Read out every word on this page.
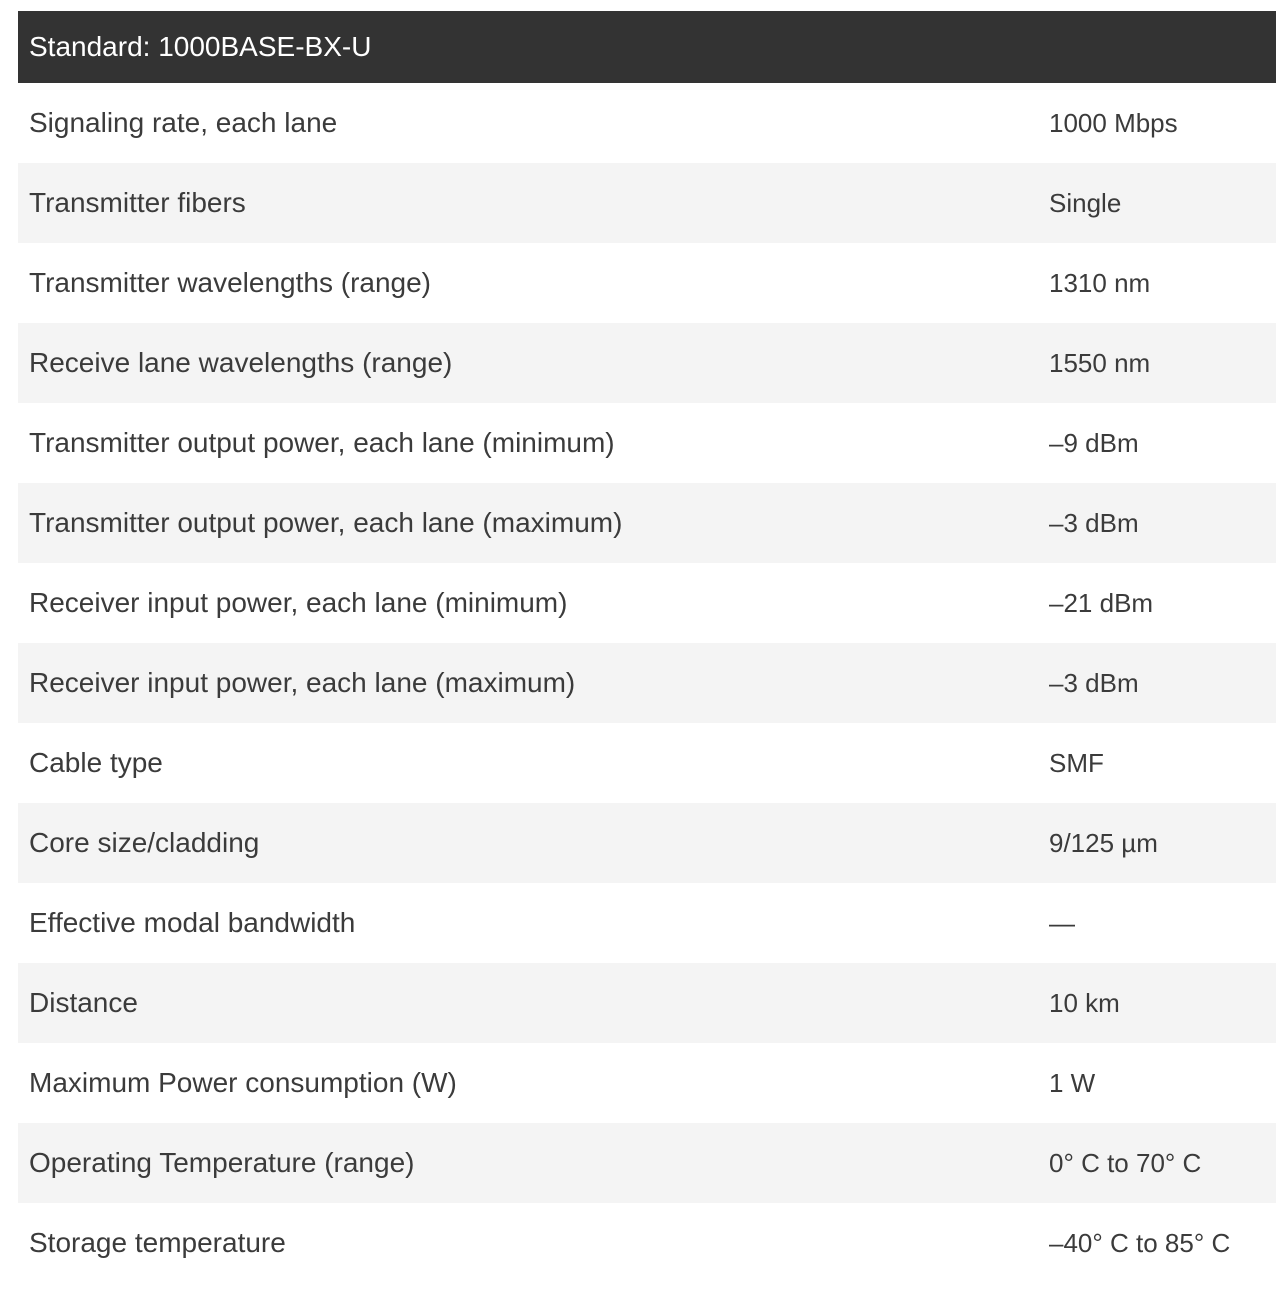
Standard: 1000BASE-BX-U
Signaling rate, each lane	1000 Mbps
Transmitter fibers	Single
Transmitter wavelengths (range)	1310 nm
Receive lane wavelengths (range)	1550 nm
Transmitter output power, each lane (minimum)	–9 dBm
Transmitter output power, each lane (maximum)	–3 dBm
Receiver input power, each lane (minimum)	–21 dBm
Receiver input power, each lane (maximum)	–3 dBm
Cable type	SMF
Core size/cladding	9/125 µm
Effective modal bandwidth	—
Distance	10 km
Maximum Power consumption (W)	1 W
Operating Temperature (range)	0° C to 70° C
Storage temperature	–40° C to 85° C
